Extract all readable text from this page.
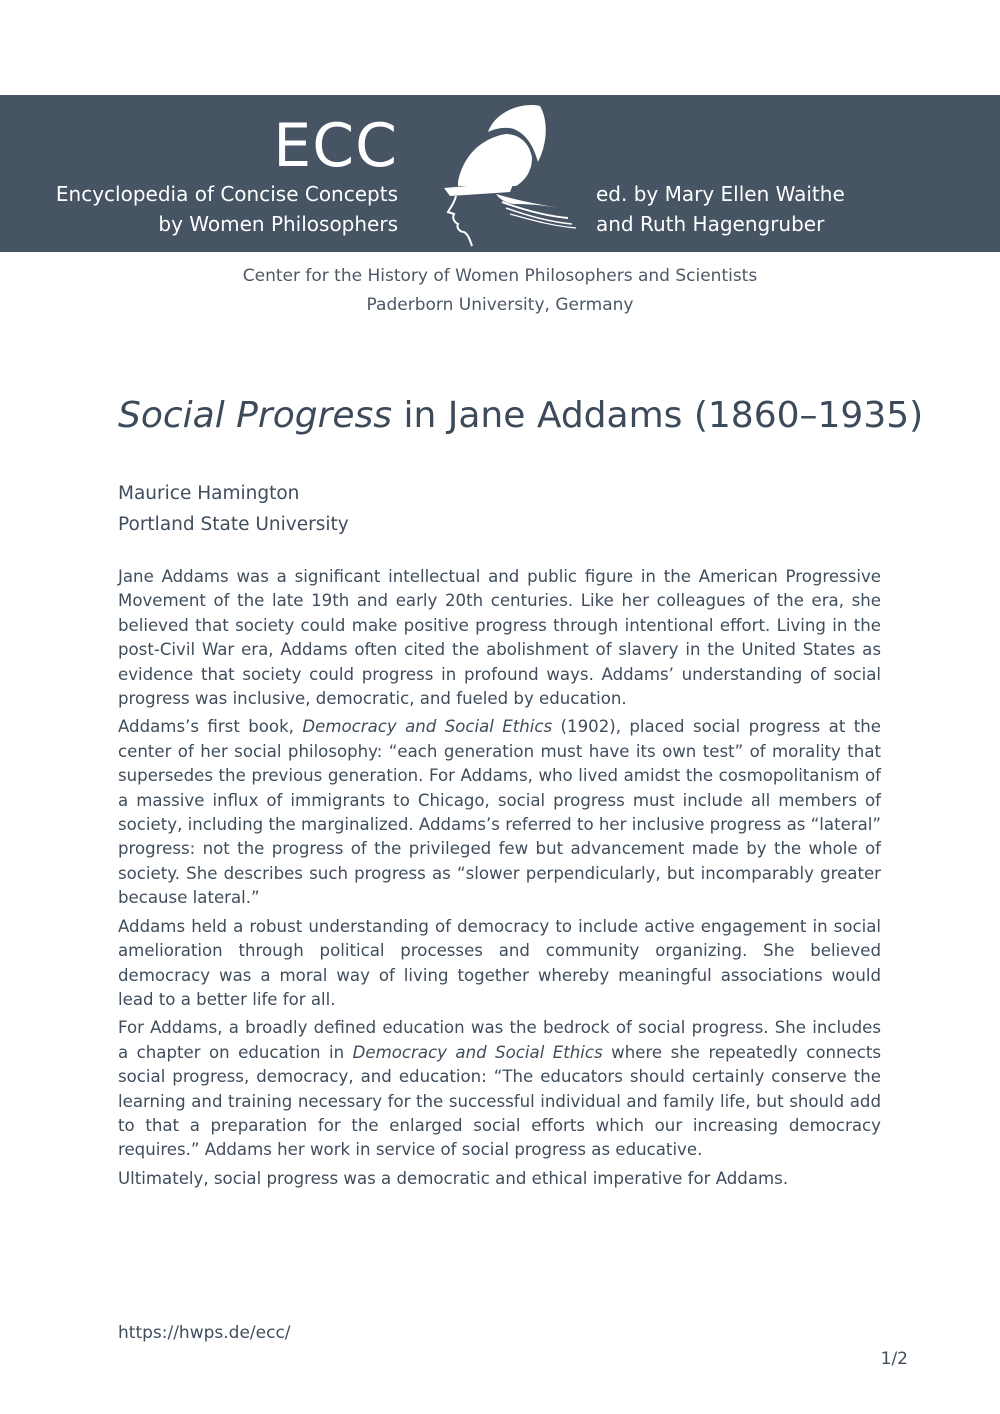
ECC
Encyclopedia of Concise Concepts
by Women Philosophers
ed. by Mary Ellen Waithe
and Ruth Hagengruber
Center for the History of Women Philosophers and Scientists
Paderborn University, Germany
Social Progress in Jane Addams (1860–1935)
Maurice Hamington
Portland State University

Jane Addams was a significant intellectual and public figure in the American Progressive Movement of the late 19th and early 20th centuries. Like her colleagues of the era, she believed that society could make positive progress through intentional effort. Living in the post-Civil War era, Addams often cited the abolishment of slavery in the United States as evidence that society could progress in profound ways. Addams’ understanding of social progress was inclusive, democratic, and fueled by education.

Addams’s first book, Democracy and Social Ethics (1902), placed social progress at the center of her social philosophy: “each generation must have its own test” of morality that supersedes the previous generation. For Addams, who lived amidst the cosmopolitanism of a massive influx of immigrants to Chicago, social progress must include all members of society, including the marginalized. Addams’s referred to her inclusive progress as “lateral” progress: not the progress of the privileged few but advancement made by the whole of society. She describes such progress as “slower perpendicularly, but incomparably greater because lateral.”

Addams held a robust understanding of democracy to include active engagement in social amelioration through political processes and community organizing. She believed democracy was a moral way of living together whereby meaningful associations would lead to a better life for all.

For Addams, a broadly defined education was the bedrock of social progress. She includes a chapter on education in Democracy and Social Ethics where she repeatedly connects social progress, democracy, and education: “The educators should certainly conserve the learning and training necessary for the successful individual and family life, but should add to that a preparation for the enlarged social efforts which our increasing democracy requires.” Addams her work in service of social progress as educative.

Ultimately, social progress was a democratic and ethical imperative for Addams.

https://hwps.de/ecc/
1/2
